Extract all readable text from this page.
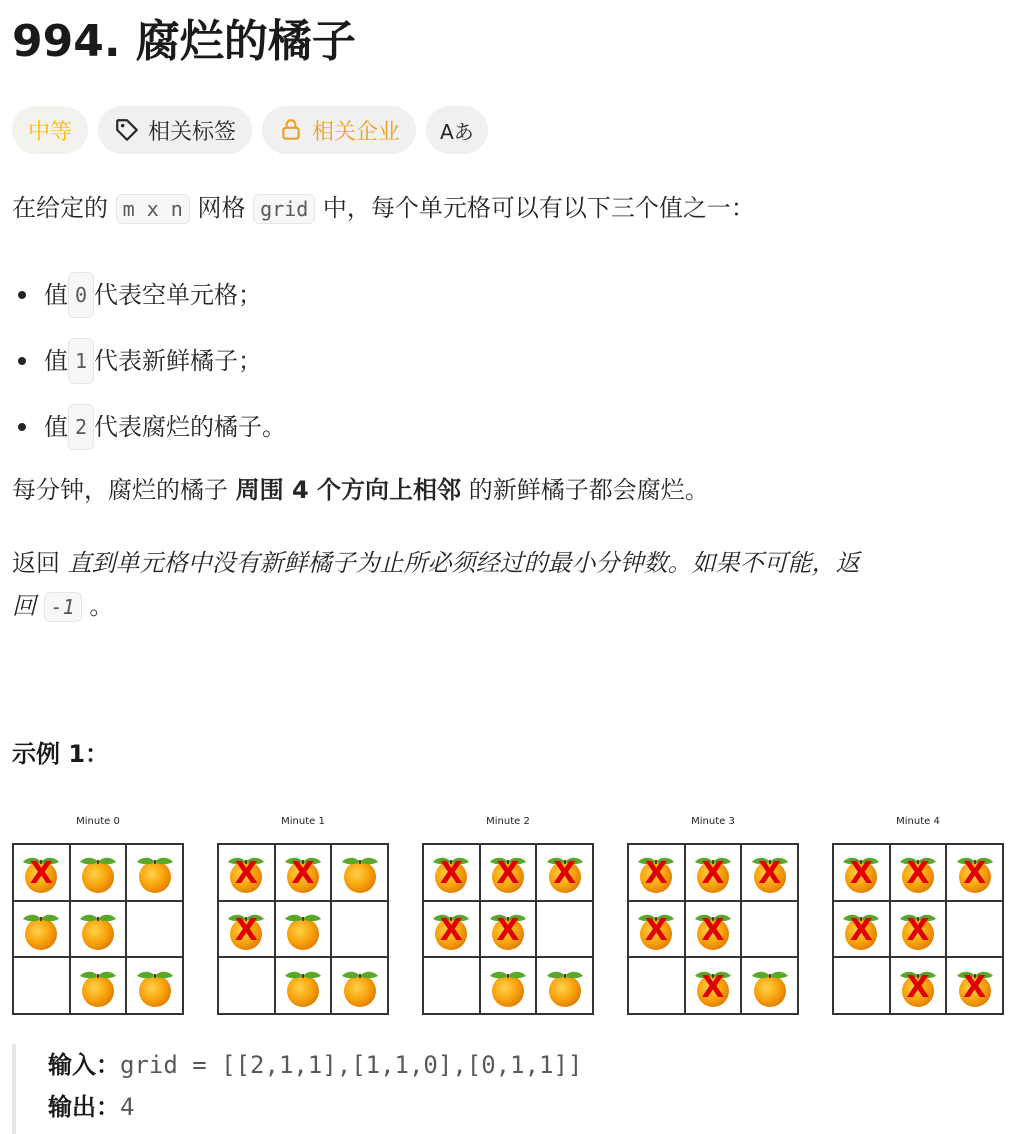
994. 腐烂的橘子
中等	相关标签	相关企业 Aあ

在给定的 m x n 网格 grid 中，每个单元格可以有以下三个值之一：

值 0 代表空单元格；
值 1 代表新鲜橘子；
值 2 代表腐烂的橘子。

每分钟，腐烂的橘子 周围 4 个方向上相邻 的新鲜橘子都会腐烂。

返回 直到单元格中没有新鲜橘子为止所必须经过的最小分钟数。如果不可能，返

回 -1 。

示例 1：
Minute 0
X
Minute 1
X X
X
Minute 2
X X X
X X
Minute 3
X X X
X X
X
Minute 4
X X X
X X
X X
输入：grid = [[2,1,1],[1,1,0],[0,1,1]]
输出：4
